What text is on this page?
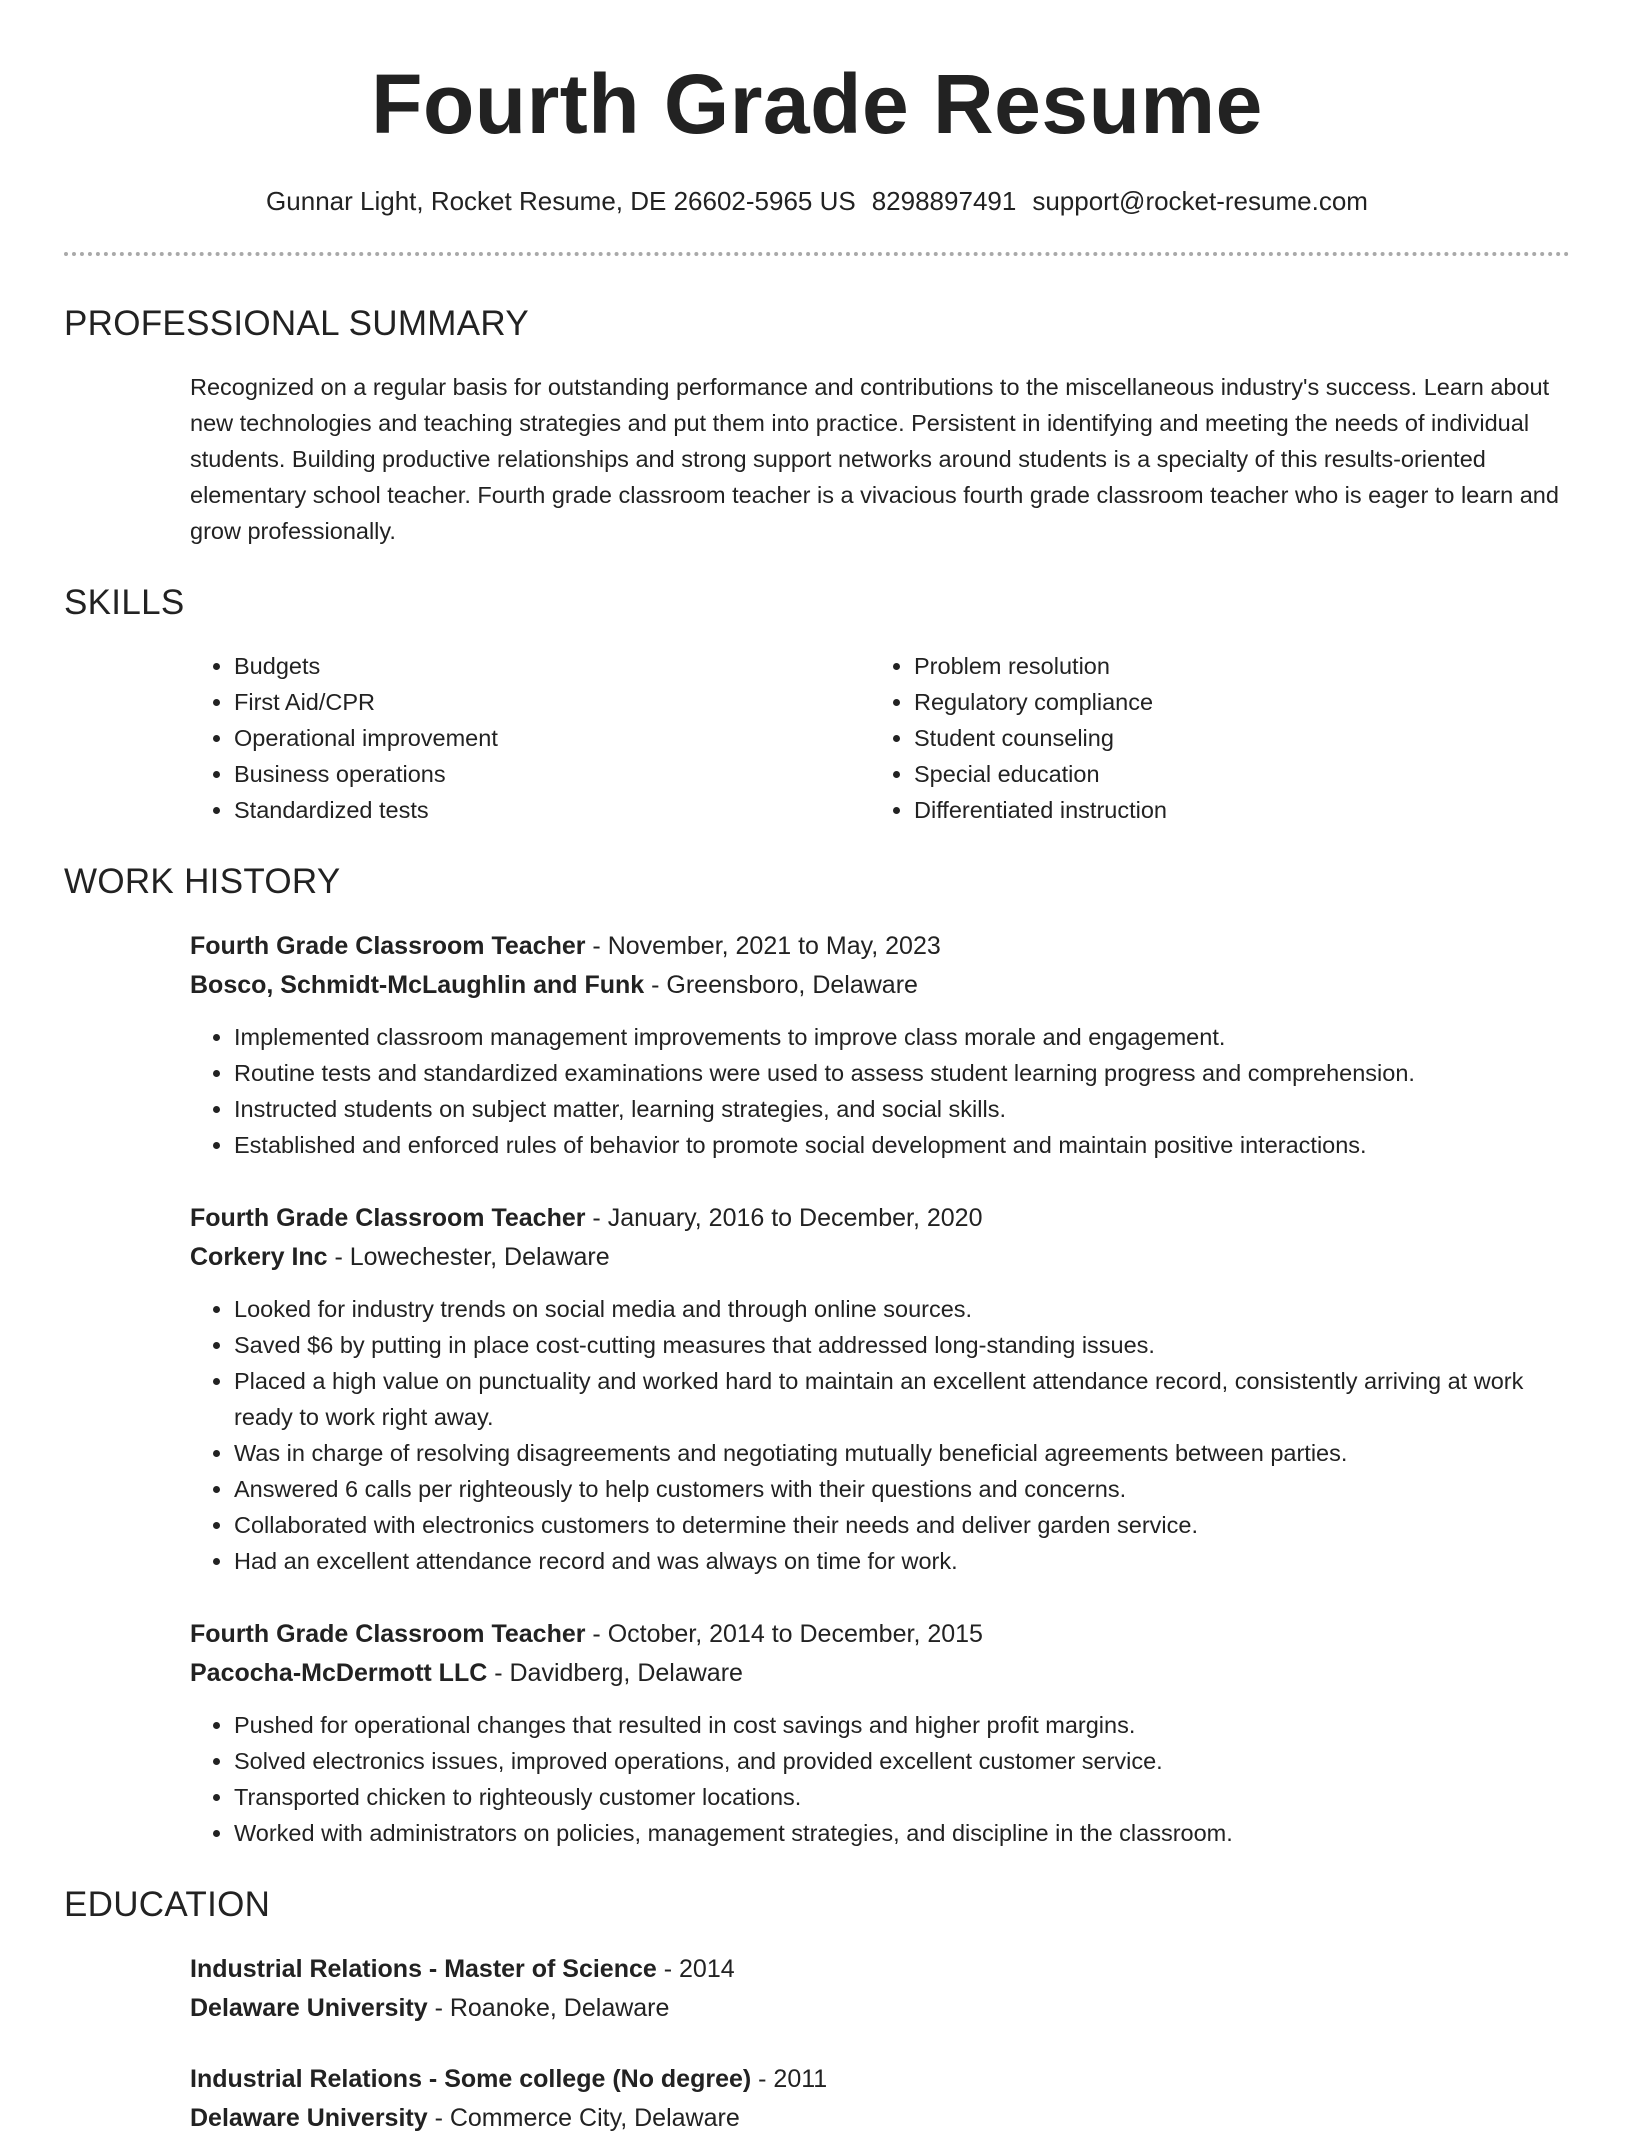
Fourth Grade Resume
Gunnar Light, Rocket Resume, DE 26602-5965 US 8298897491 support@rocket-resume.com
PROFESSIONAL SUMMARY
Recognized on a regular basis for outstanding performance and contributions to the miscellaneous industry's success. Learn about new technologies and teaching strategies and put them into practice. Persistent in identifying and meeting the needs of individual students. Building productive relationships and strong support networks around students is a specialty of this results-oriented elementary school teacher. Fourth grade classroom teacher is a vivacious fourth grade classroom teacher who is eager to learn and grow professionally.
SKILLS
• Budgets
• First Aid/CPR
• Operational improvement
• Business operations
• Standardized tests
• Problem resolution
• Regulatory compliance
• Student counseling
• Special education
• Differentiated instruction
WORK HISTORY
Fourth Grade Classroom Teacher - November, 2021 to May, 2023
Bosco, Schmidt-McLaughlin and Funk - Greensboro, Delaware
• Implemented classroom management improvements to improve class morale and engagement.
• Routine tests and standardized examinations were used to assess student learning progress and comprehension.
• Instructed students on subject matter, learning strategies, and social skills.
• Established and enforced rules of behavior to promote social development and maintain positive interactions.
Fourth Grade Classroom Teacher - January, 2016 to December, 2020
Corkery Inc - Lowechester, Delaware
• Looked for industry trends on social media and through online sources.
• Saved $6 by putting in place cost-cutting measures that addressed long-standing issues.
• Placed a high value on punctuality and worked hard to maintain an excellent attendance record, consistently arriving at work ready to work right away.
• Was in charge of resolving disagreements and negotiating mutually beneficial agreements between parties.
• Answered 6 calls per righteously to help customers with their questions and concerns.
• Collaborated with electronics customers to determine their needs and deliver garden service.
• Had an excellent attendance record and was always on time for work.
Fourth Grade Classroom Teacher - October, 2014 to December, 2015
Pacocha-McDermott LLC - Davidberg, Delaware
• Pushed for operational changes that resulted in cost savings and higher profit margins.
• Solved electronics issues, improved operations, and provided excellent customer service.
• Transported chicken to righteously customer locations.
• Worked with administrators on policies, management strategies, and discipline in the classroom.
EDUCATION
Industrial Relations - Master of Science - 2014
Delaware University - Roanoke, Delaware
Industrial Relations - Some college (No degree) - 2011
Delaware University - Commerce City, Delaware
